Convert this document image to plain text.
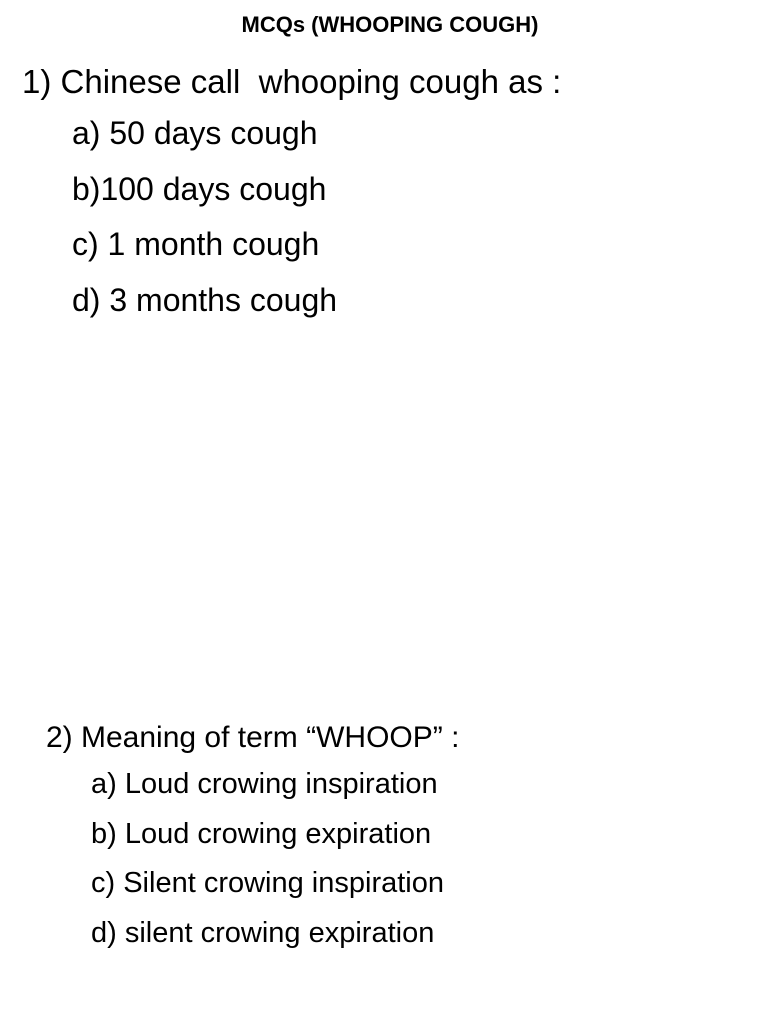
MCQs (WHOOPING COUGH)

1) Chinese call  whooping cough as :

a) 50 days cough
b)100 days cough
c) 1 month cough
d) 3 months cough

2) Meaning of term “WHOOP” :

a) Loud crowing inspiration
b) Loud crowing expiration
c) Silent crowing inspiration
d) silent crowing expiration
